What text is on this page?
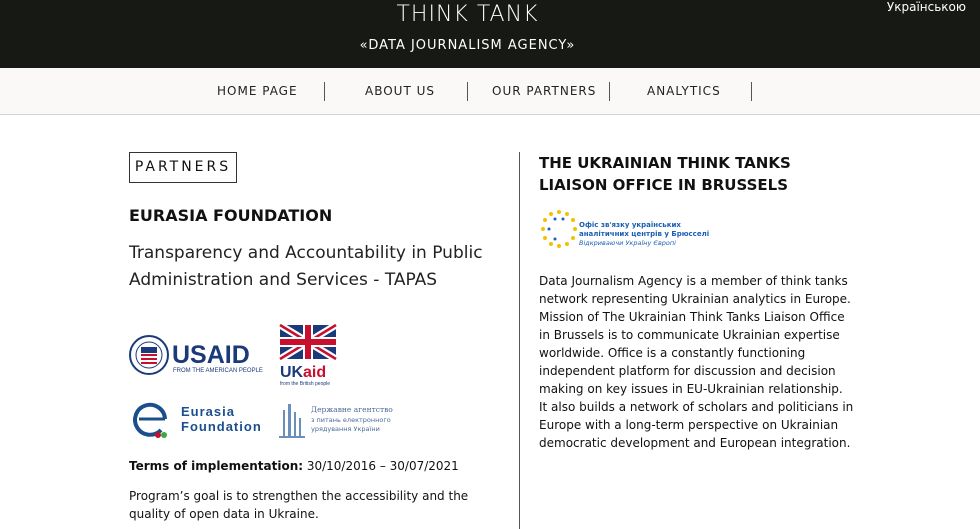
THINK TANK
«DATA JOURNALISM AGENCY»
Українською
HOME PAGE	ABOUT US	OUR PARTNERS	ANALYTICS
PARTNERS
EURASIA FOUNDATION
Transparency and Accountability in Public Administration and Services - TAPAS
USAID
FROM THE AMERICAN PEOPLE UK aid
from the British people
Eurasia
Foundation
Державне агентство
з питань електронного
урядування України
Terms of implementation: 30/10/2016 – 30/07/2021
Program’s goal is to strengthen the accessibility and the quality of open data in Ukraine.
THE UKRAINIAN THINK TANKS LIAISON OFFICE IN BRUSSELS
Офіс зв'язку українських
аналітичних центрів у Брюсселі
Відкриваючи Україну Європі
Data Journalism Agency is a member of think tanks network representing Ukrainian analytics in Europe. Mission of The Ukrainian Think Tanks Liaison Office in Brussels is to communicate Ukrainian expertise worldwide. Office is a constantly functioning independent platform for discussion and decision making on key issues in EU-Ukrainian relationship. It also builds a network of scholars and politicians in Europe with a long-term perspective on Ukrainian democratic development and European integration.
